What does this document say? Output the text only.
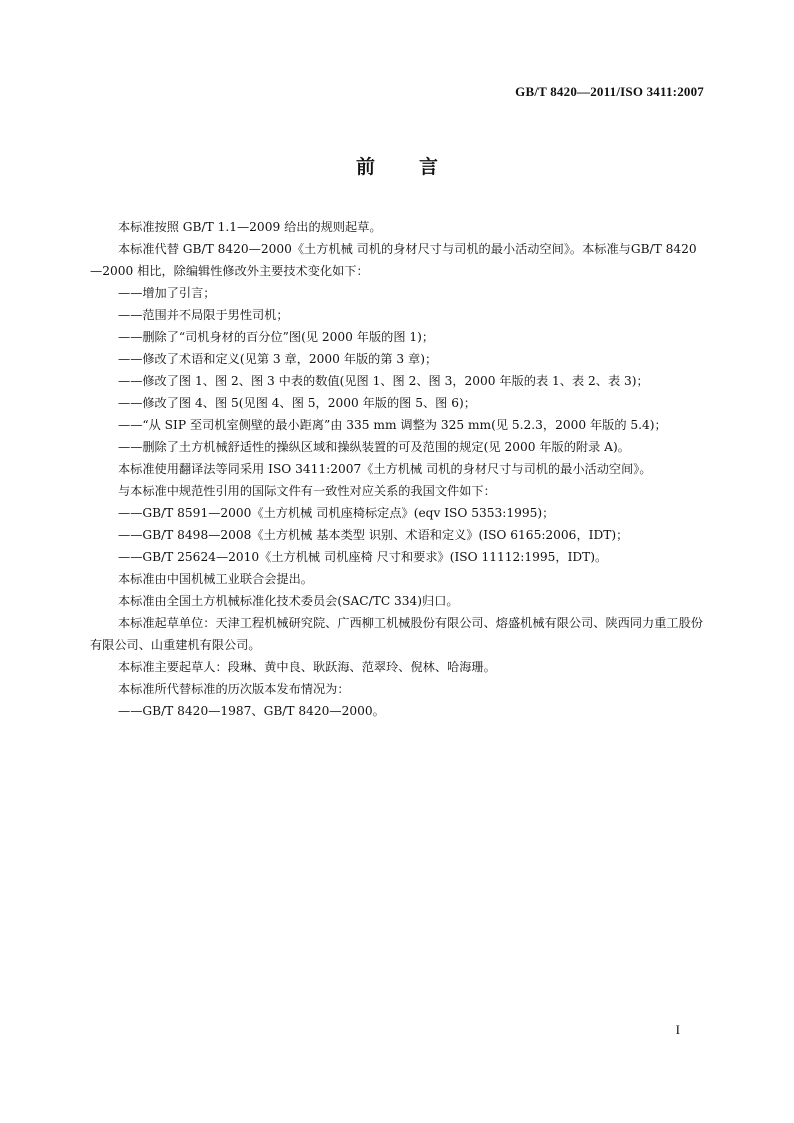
GB/T 8420—2011/ISO 3411:2007
前言

本标准按照 GB/T 1.1—2009 给出的规则起草。

本标准代替 GB/T 8420—2000《土方机械 司机的身材尺寸与司机的最小活动空间》。本标准与GB/T 8420—2000 相比，除编辑性修改外主要技术变化如下：

——增加了引言；

——范围并不局限于男性司机；

——删除了“司机身材的百分位”图(见 2000 年版的图 1)；

——修改了术语和定义(见第 3 章，2000 年版的第 3 章)；

——修改了图 1、图 2、图 3 中表的数值(见图 1、图 2、图 3，2000 年版的表 1、表 2、表 3)；

——修改了图 4、图 5(见图 4、图 5，2000 年版的图 5、图 6)；

——“从 SIP 至司机室侧壁的最小距离”由 335 mm 调整为 325 mm(见 5.2.3，2000 年版的 5.4)；

——删除了土方机械舒适性的操纵区域和操纵装置的可及范围的规定(见 2000 年版的附录 A)。

本标准使用翻译法等同采用 ISO 3411:2007《土方机械 司机的身材尺寸与司机的最小活动空间》。

与本标准中规范性引用的国际文件有一致性对应关系的我国文件如下：

——GB/T 8591—2000《土方机械 司机座椅标定点》(eqv ISO 5353:1995)；

——GB/T 8498—2008《土方机械 基本类型 识别、术语和定义》(ISO 6165:2006，IDT)；

——GB/T 25624—2010《土方机械 司机座椅 尺寸和要求》(ISO 11112:1995，IDT)。

本标准由中国机械工业联合会提出。

本标准由全国土方机械标准化技术委员会(SAC/TC 334)归口。

本标准起草单位：天津工程机械研究院、广西柳工机械股份有限公司、熔盛机械有限公司、陕西同力重工股份有限公司、山重建机有限公司。

本标准主要起草人：段琳、黄中良、耿跃海、范翠玲、倪林、哈海珊。

本标准所代替标准的历次版本发布情况为：

——GB/T 8420—1987、GB/T 8420—2000。

I
